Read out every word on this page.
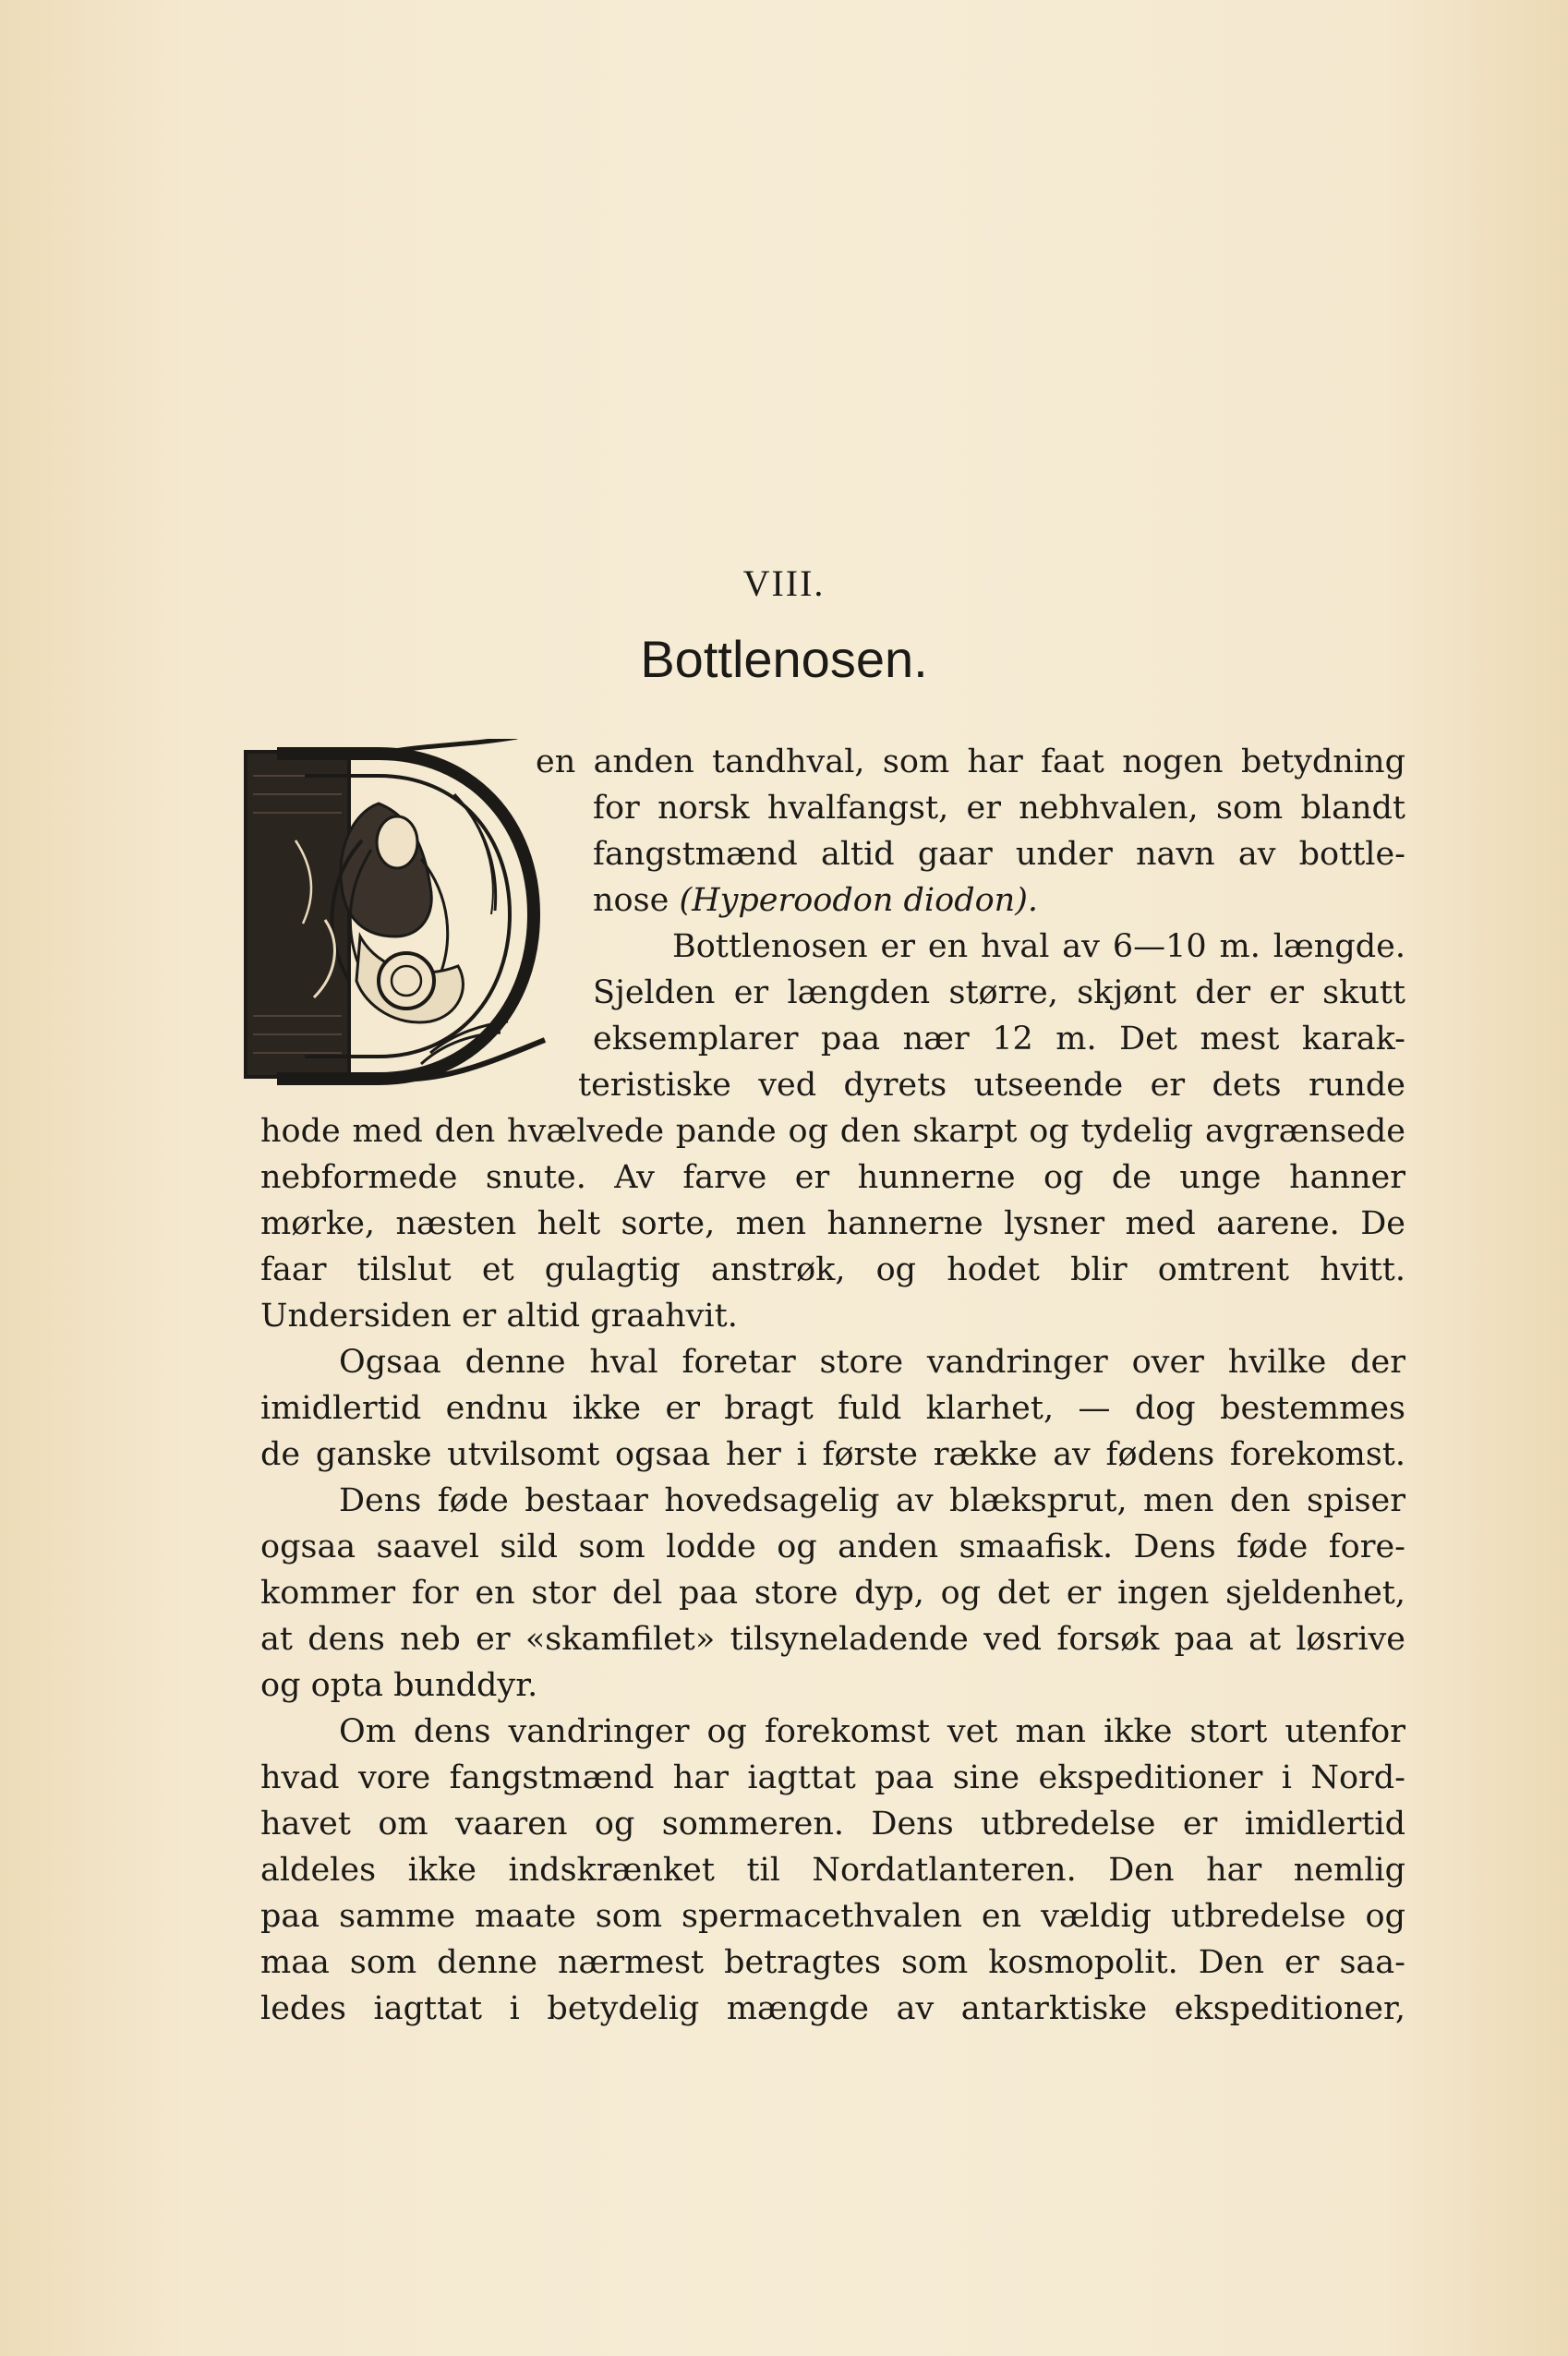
VIII.
Bottlenosen.
en anden tandhval, som har faat nogen betydning
for norsk hvalfangst, er nebhvalen, som blandt
fangstmænd altid gaar under navn av bottle-
nose (Hyperoodon diodon).
Bottlenosen er en hval av 6—10 m. længde.
Sjelden er længden større, skjønt der er skutt
eksemplarer paa nær 12 m. Det mest karak-
teristiske ved dyrets utseende er dets runde
hode med den hvælvede pande og den skarpt og tydelig avgrænsede
nebformede snute. Av farve er hunnerne og de unge hanner
mørke, næsten helt sorte, men hannerne lysner med aarene. De
faar tilslut et gulagtig anstrøk, og hodet blir omtrent hvitt.
Undersiden er altid graahvit.
Ogsaa denne hval foretar store vandringer over hvilke der
imidlertid endnu ikke er bragt fuld klarhet, — dog bestemmes
de ganske utvilsomt ogsaa her i første række av fødens forekomst.
Dens føde bestaar hovedsagelig av blæksprut, men den spiser
ogsaa saavel sild som lodde og anden smaafisk. Dens føde fore-
kommer for en stor del paa store dyp, og det er ingen sjeldenhet,
at dens neb er «skamfilet» tilsyneladende ved forsøk paa at løsrive
og opta bunddyr.
Om dens vandringer og forekomst vet man ikke stort utenfor
hvad vore fangstmænd har iagttat paa sine ekspeditioner i Nord-
havet om vaaren og sommeren. Dens utbredelse er imidlertid
aldeles ikke indskrænket til Nordatlanteren. Den har nemlig
paa samme maate som spermacethvalen en vældig utbredelse og
maa som denne nærmest betragtes som kosmopolit. Den er saa-
ledes iagttat i betydelig mængde av antarktiske ekspeditioner,
